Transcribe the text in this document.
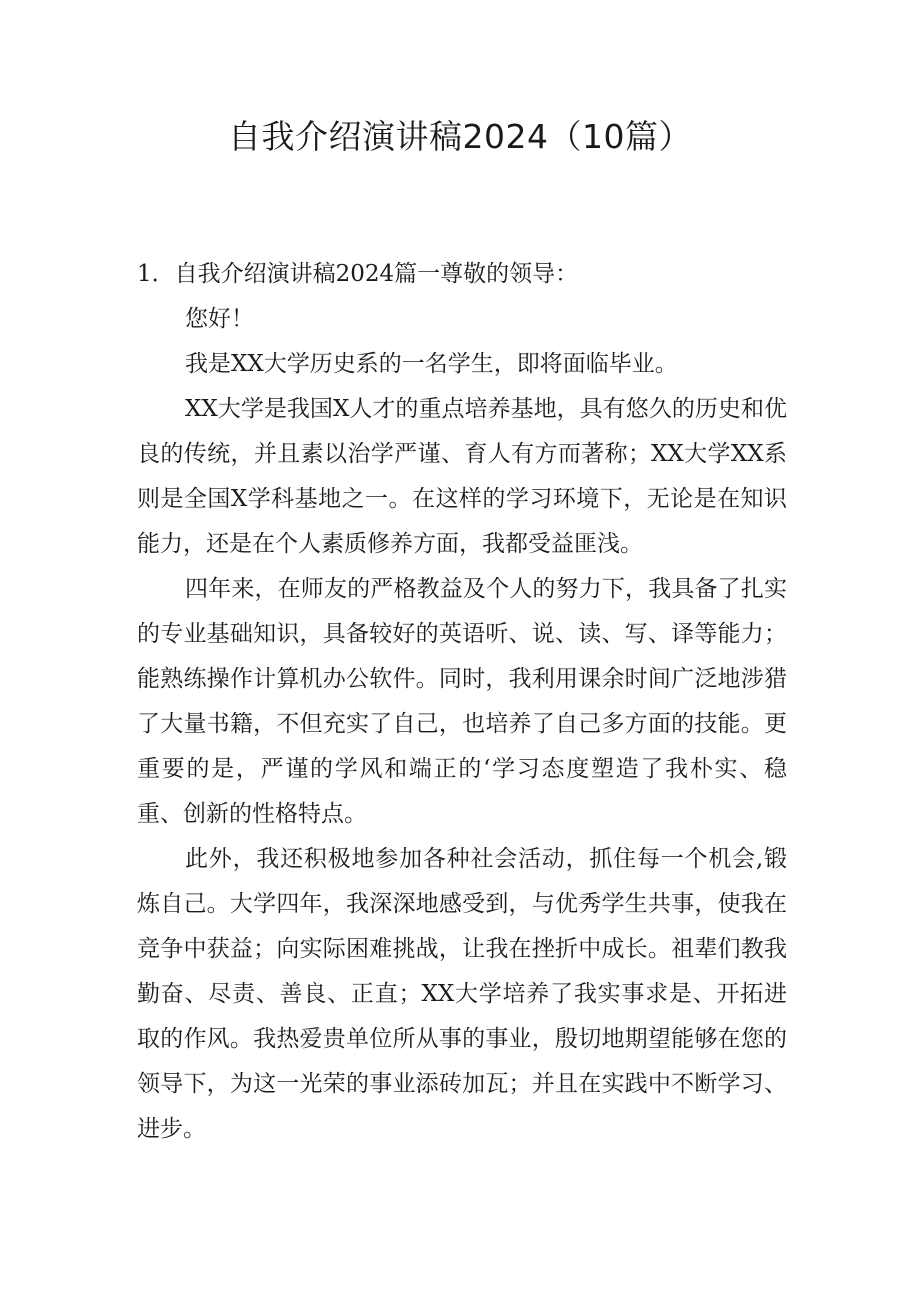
自我介绍演讲稿2024（10篇）

1．自我介绍演讲稿2024篇一尊敬的领导：

您好！

我是XX大学历史系的一名学生，即将面临毕业。

XX大学是我国X人才的重点培养基地，具有悠久的历史和优良的传统，并且素以治学严谨、育人有方而著称；XX大学XX系则是全国X学科基地之一。在这样的学习环境下，无论是在知识能力，还是在个人素质修养方面，我都受益匪浅。

四年来，在师友的严格教益及个人的努力下，我具备了扎实的专业基础知识，具备较好的英语听、说、读、写、译等能力；能熟练操作计算机办公软件。同时，我利用课余时间广泛地涉猎了大量书籍，不但充实了自己，也培养了自己多方面的技能。更重要的是，严谨的学风和端正的‘学习态度塑造了我朴实、稳重、创新的性格特点。

此外，我还积极地参加各种社会活动，抓住每一个机会,锻炼自己。大学四年，我深深地感受到，与优秀学生共事，使我在竞争中获益；向实际困难挑战，让我在挫折中成长。祖辈们教我勤奋、尽责、善良、正直；XX大学培养了我实事求是、开拓进取的作风。我热爱贵单位所从事的事业，殷切地期望能够在您的领导下，为这一光荣的事业添砖加瓦；并且在实践中不断学习、进步。
